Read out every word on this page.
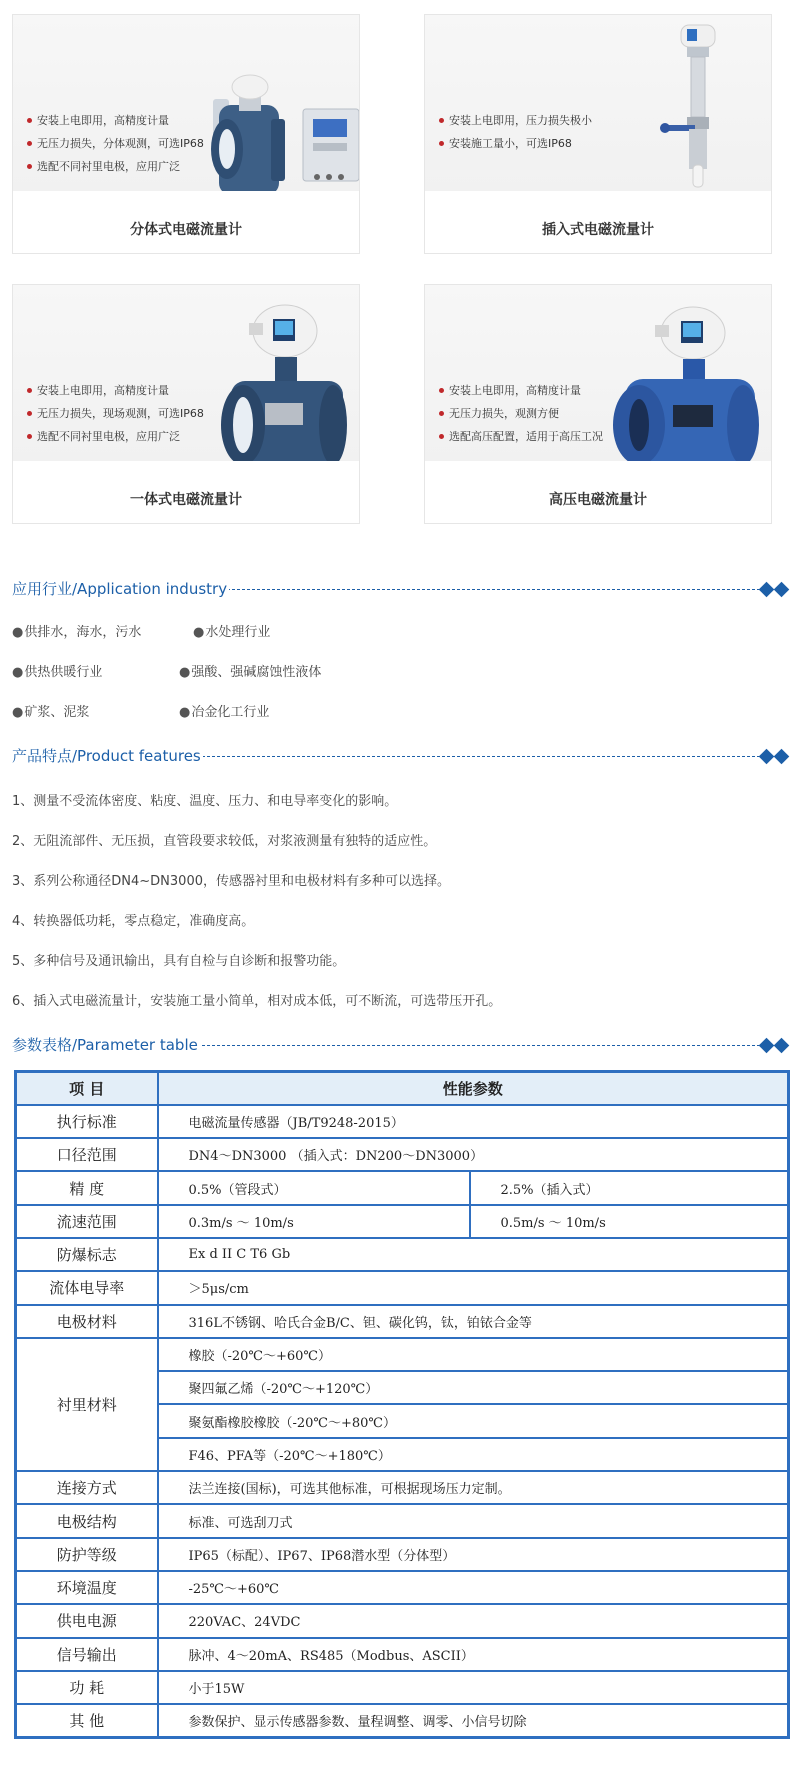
安装上电即用，高精度计量
无压力损失，分体观测，可选IP68
选配不同衬里电极，应用广泛
分体式电磁流量计
安装上电即用，压力损失极小
安装施工量小，可选IP68
插入式电磁流量计
安装上电即用，高精度计量
无压力损失，现场观测，可选IP68
选配不同衬里电极，应用广泛
一体式电磁流量计
安装上电即用，高精度计量
无压力损失，观测方便
选配高压配置，适用于高压工况
高压电磁流量计
应用行业/Application industry
● 供排水，海水，污水	● 水处理行业
● 供热供暖行业	● 强酸、强碱腐蚀性液体
● 矿浆、泥浆	● 冶金化工行业
产品特点/Product features
1、测量不受流体密度、粘度、温度、压力、和电导率变化的影响。
2、无阻流部件、无压损，直管段要求较低，对浆液测量有独特的适应性。
3、系列公称通径DN4~DN3000，传感器衬里和电极材料有多种可以选择。
4、转换器低功耗，零点稳定，准确度高。
5、多种信号及通讯输出，具有自检与自诊断和报警功能。
6、插入式电磁流量计，安装施工量小简单，相对成本低，可不断流，可选带压开孔。
参数表格/Parameter table
项 目	性能参数	
执行标准	电磁流量传感器（JB/T9248-2015）	
口径范围	DN4～DN3000 （插入式：DN200～DN3000）	
精 度	0.5%（管段式）	2.5%（插入式）
流速范围	0.3m/s ～ 10m/s	0.5m/s ～ 10m/s
防爆标志	Ex d II C T6 Gb	
流体电导率	＞5μs/cm	
电极材料	316L不锈钢、哈氏合金B/C、钽、碳化钨，钛，铂铱合金等	
衬里材料	橡胶（-20℃～+60℃）	
	聚四氟乙烯（-20℃～+120℃）	
	聚氨酯橡胶橡胶（-20℃～+80℃）	
	F46、PFA等（-20℃～+180℃）	
连接方式	法兰连接(国标)，可选其他标准，可根据现场压力定制。	
电极结构	标准、可选刮刀式	
防护等级	IP65（标配）、IP67、IP68潜水型（分体型）	
环境温度	-25℃～+60℃	
供电电源	220VAC、24VDC	
信号输出	脉冲、4～20mA、RS485（Modbus、ASCII）	
功 耗	小于15W	
其 他	参数保护、显示传感器参数、量程调整、调零、小信号切除	
